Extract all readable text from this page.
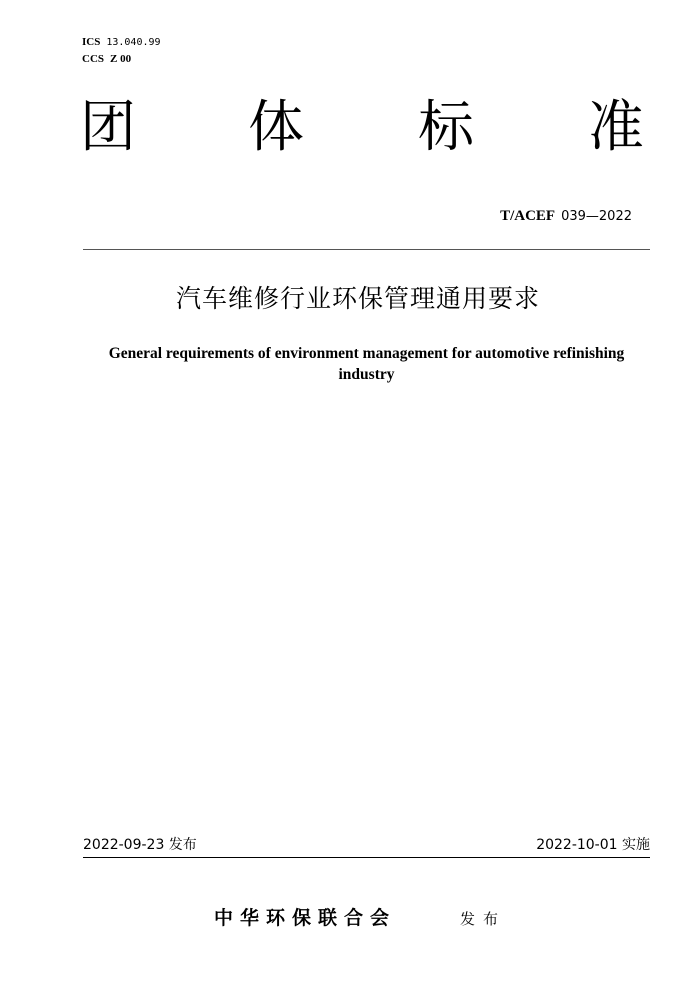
ICS 13.040.99
CCS Z 00
团 体 标 准
T/ACEF 039—2022
汽车维修行业环保管理通用要求
General requirements of environment management for automotive refinishing
industry
2022-09-23 发布	2022-10-01 实施
中华环保联合会	发布
